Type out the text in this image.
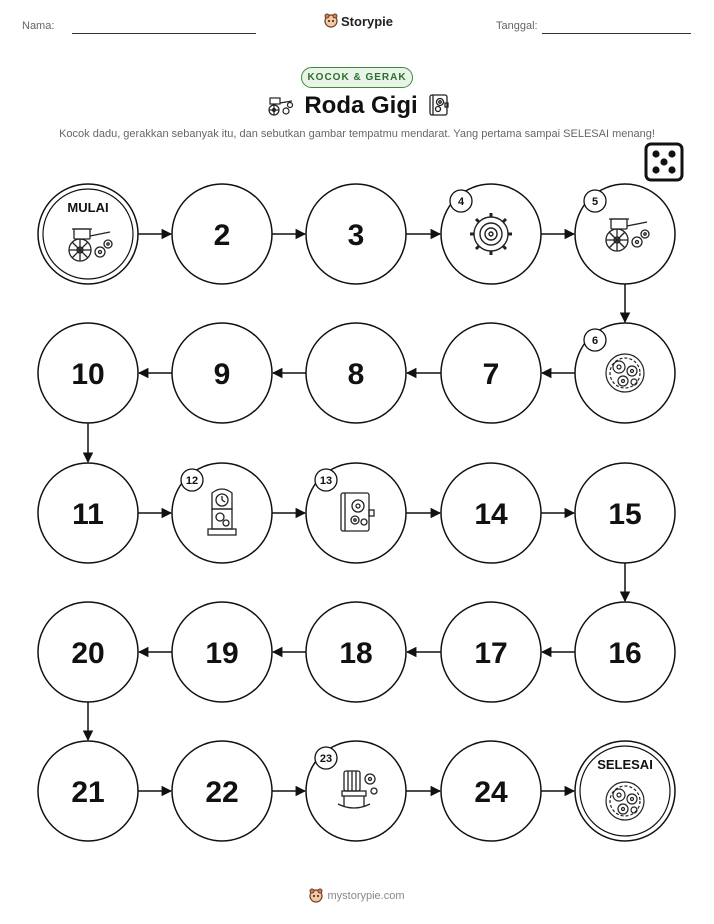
Nama:	Storypie	Tanggal:
KOCOK & GERAK
Roda Gigi
Kocok dadu, gerakkan sebanyak itu, dan sebutkan gambar tempatmu mendarat. Yang pertama sampai SELESAI menang!
MULAI
2	3
4	5
6
7
8
9
10
11
12	13
14	15
16
17
18
19
20
21	22
23
24
SELESAI
mystorypie.com
